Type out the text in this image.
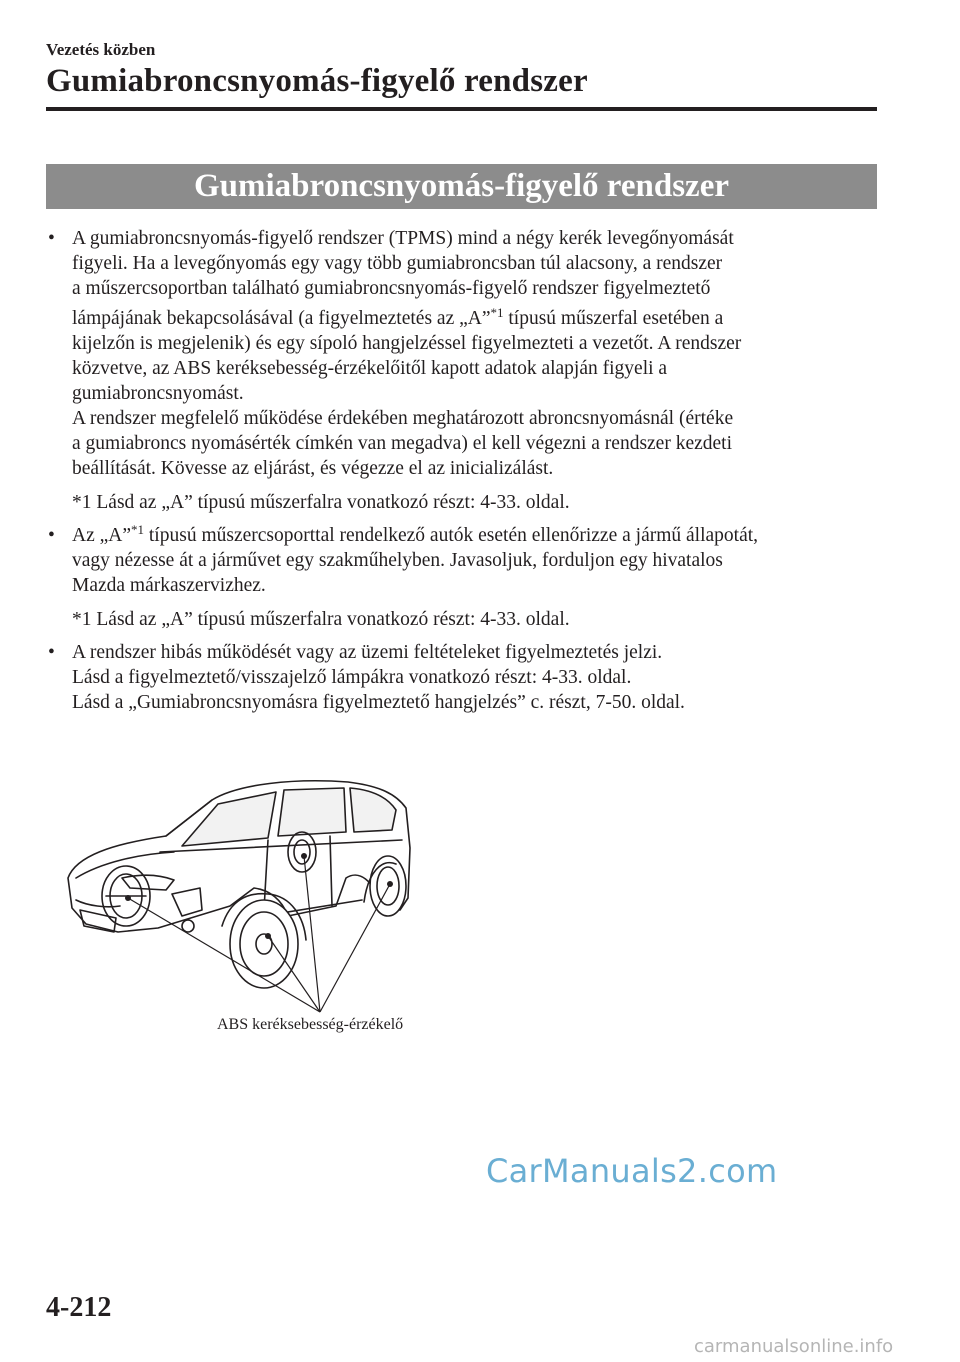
Vezetés közben
Gumiabroncsnyomás-figyelő rendszer
Gumiabroncsnyomás-figyelő rendszer
• A gumiabroncsnyomás-figyelő rendszer (TPMS) mind a négy kerék levegőnyomását
figyeli. Ha a levegőnyomás egy vagy több gumiabroncsban túl alacsony, a rendszer
a műszercsoportban található gumiabroncsnyomás-figyelő rendszer figyelmeztető
lámpájának bekapcsolásával (a figyelmeztetés az „A”$^{*1}$ típusú műszerfal esetében a
kijelzőn is megjelenik) és egy sípoló hangjelzéssel figyelmezteti a vezetőt. A rendszer
közvetve, az ABS keréksebesség-érzékelőitől kapott adatok alapján figyeli a
gumiabroncsnyomást.
A rendszer megfelelő működése érdekében meghatározott abroncsnyomásnál (értéke
a gumiabroncs nyomásérték címkén van megadva) el kell végezni a rendszer kezdeti
beállítását. Kövesse az eljárást, és végezze el az inicializálást.
*1 Lásd az „A” típusú műszerfalra vonatkozó részt: 4-33. oldal.
• Az „A”$^{*1}$ típusú műszercsoporttal rendelkező autók esetén ellenőrizze a jármű állapotát,
vagy nézesse át a járművet egy szakműhelyben. Javasoljuk, forduljon egy hivatalos
Mazda márkaszervizhez.
*1 Lásd az „A” típusú műszerfalra vonatkozó részt: 4-33. oldal.
• A rendszer hibás működését vagy az üzemi feltételeket figyelmeztetés jelzi.
Lásd a figyelmeztető/visszajelző lámpákra vonatkozó részt: 4-33. oldal.
Lásd a „Gumiabroncsnyomásra figyelmeztető hangjelzés” c. részt, 7-50. oldal.
ABS keréksebesség-érzékelő
CarManuals2.com
4-212
carmanualsonline.info
